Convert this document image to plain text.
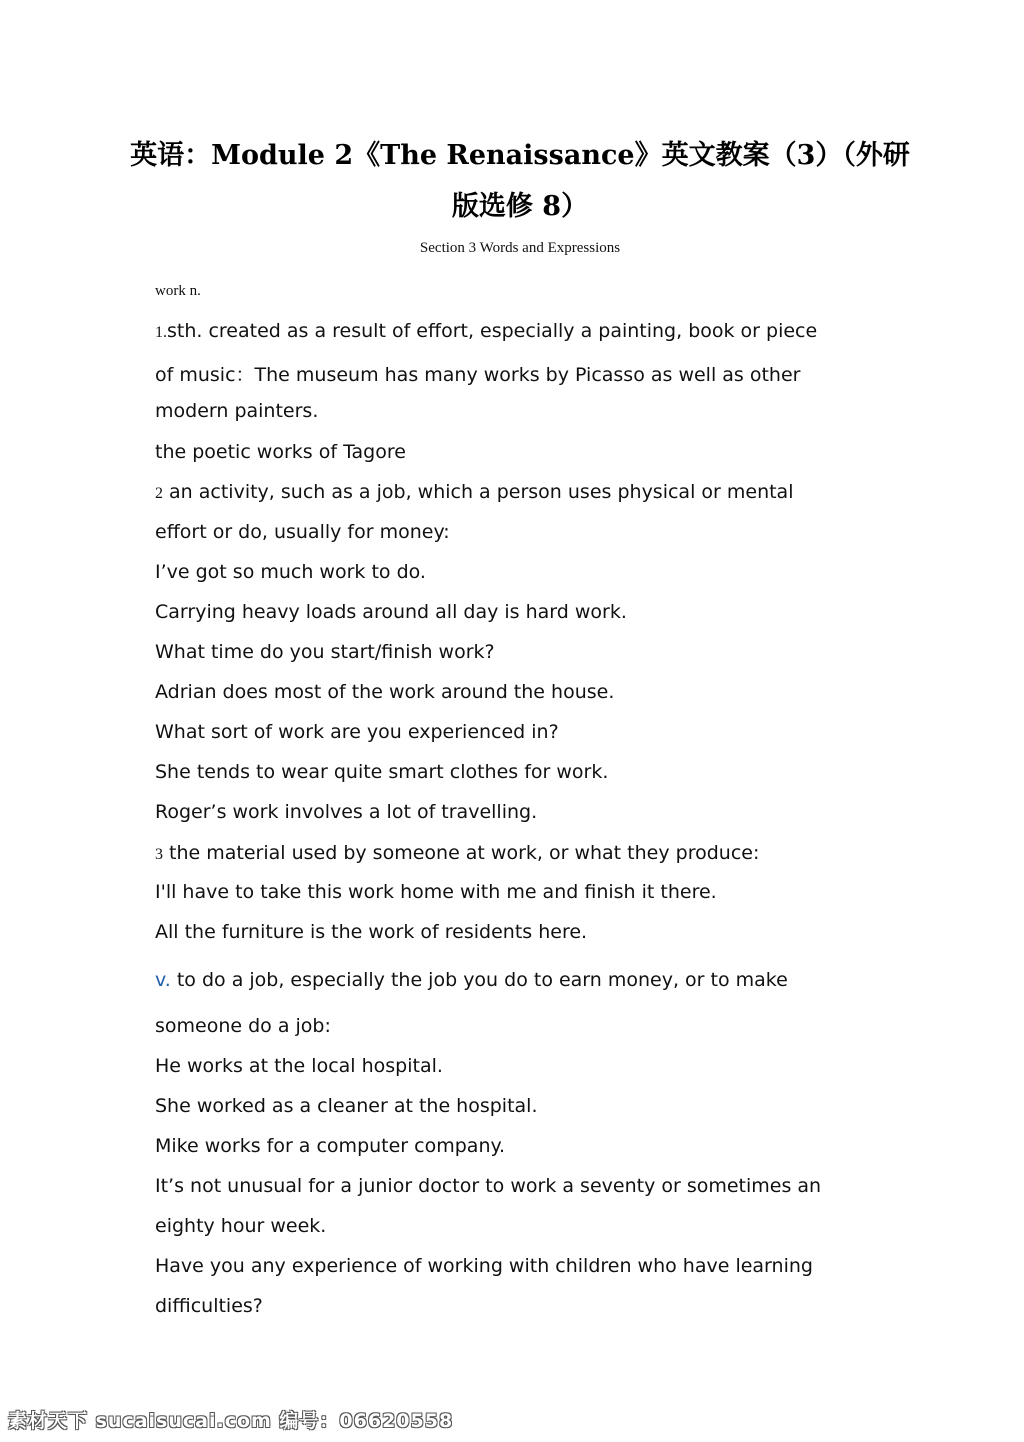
英语：Module 2《The Renaissance》英文教案（3）（外研
版选修 8）

Section 3 Words and Expressions

work n.

1.sth. created as a result of effort, especially a painting, book or piece

of music：The museum has many works by Picasso as well as other

modern painters.

the poetic works of Tagore

2 an activity, such as a job, which a person uses physical or mental

effort or do, usually for money:

I’ve got so much work to do.

Carrying heavy loads around all day is hard work.

What time do you start/finish work?

Adrian does most of the work around the house.

What sort of work are you experienced in?

She tends to wear quite smart clothes for work.

Roger’s work involves a lot of travelling.

3 the material used by someone at work, or what they produce:

I'll have to take this work home with me and finish it there.

All the furniture is the work of residents here.

v. to do a job, especially the job you do to earn money, or to make

someone do a job:

He works at the local hospital.

She worked as a cleaner at the hospital.

Mike works for a computer company.

It’s not unusual for a junior doctor to work a seventy or sometimes an

eighty hour week.

Have you any experience of working with children who have learning

difficulties?

素材天下 sucaisucai.com 编号：06620558
